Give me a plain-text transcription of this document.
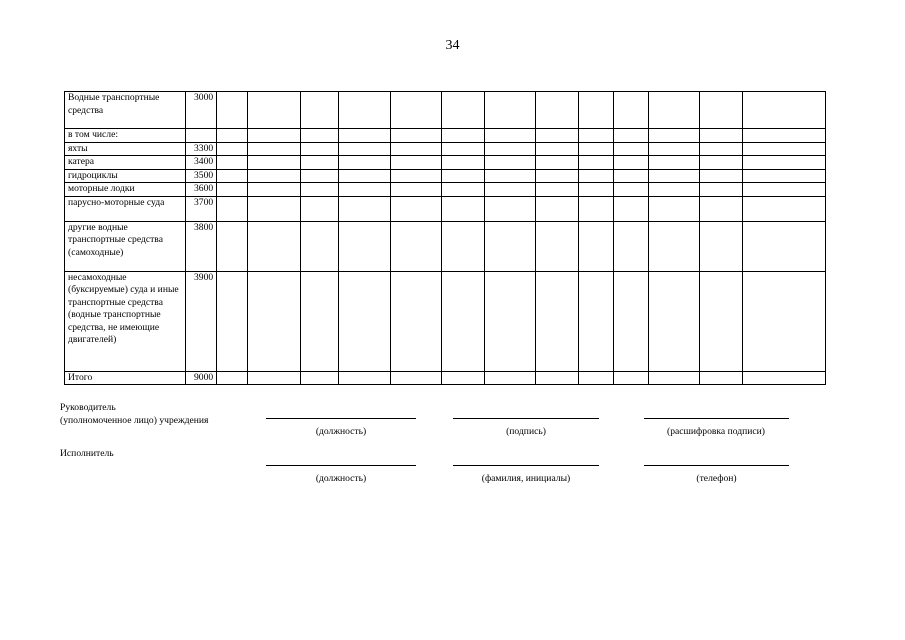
34
Водные транспортные средства	3000													
в том числе:														
яхты	3300													
катера	3400													
гидроциклы	3500													
моторные лодки	3600													
парусно-моторные суда	3700													
другие водные транспортные средства (самоходные)	3800													
несамоходные (буксируемые) суда и иные транспортные средства (водные транспортные средства, не имеющие двигателей)	3900													
Итого	9000													
Руководитель
(уполномоченное лицо) учреждения
(должность)	(подпись)	(расшифровка подписи)
Исполнитель
(должность)	(фамилия, инициалы)	(телефон)
